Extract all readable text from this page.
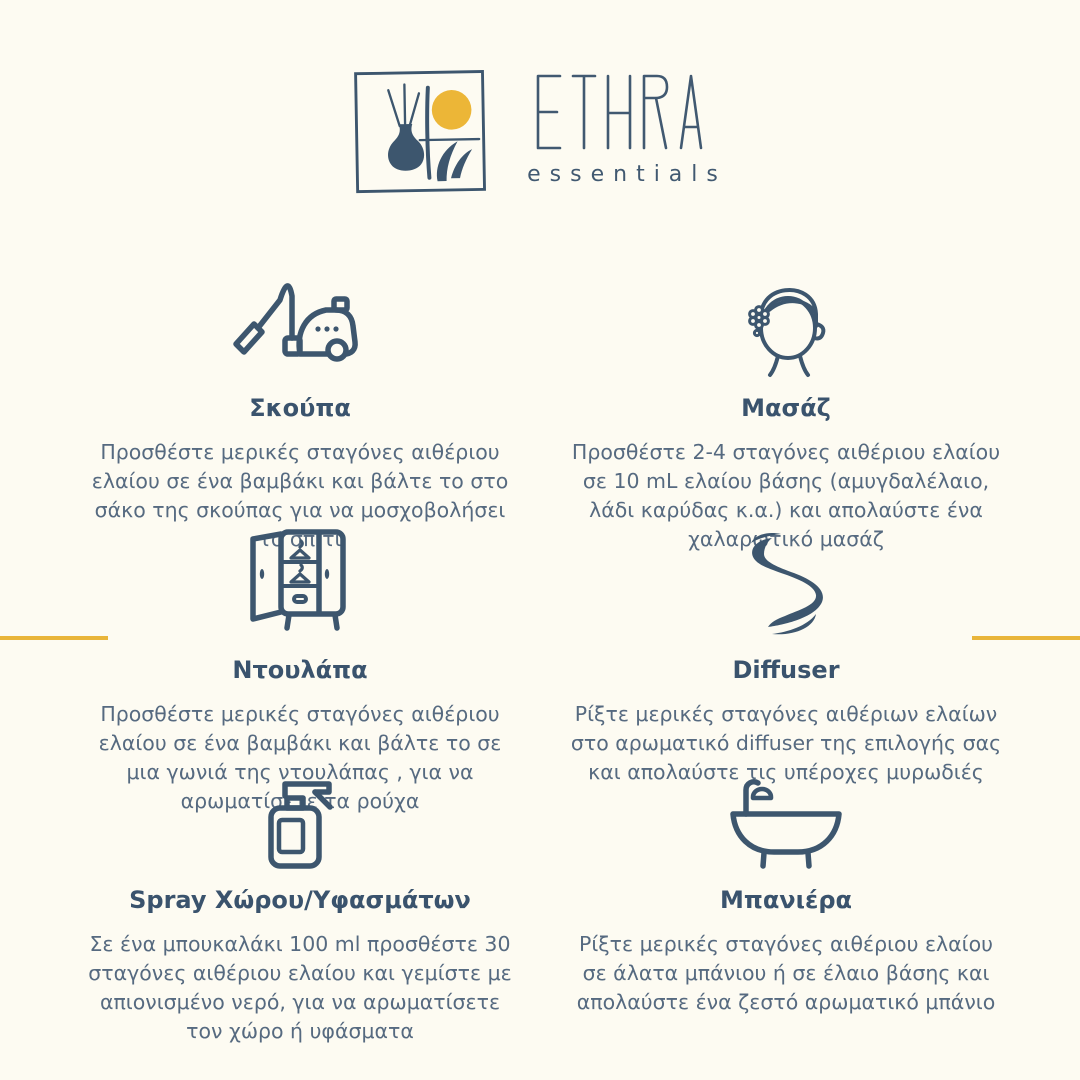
essentials
Σκούπα

Προσθέστε μερικές σταγόνες αιθέριου ελαίου σε ένα βαμβάκι και βάλτε το στο σάκο της σκούπας για να μοσχοβολήσει το σπίτι

Μασάζ

Προσθέστε 2-4 σταγόνες αιθέριου ελαίου σε 10 mL ελαίου βάσης (αμυγδαλέλαιο, λάδι καρύδας κ.α.) και απολαύστε ένα χαλαρωτικό μασάζ

Ντουλάπα

Προσθέστε μερικές σταγόνες αιθέριου ελαίου σε ένα βαμβάκι και βάλτε το σε μια γωνιά της ντουλάπας , για να αρωματίσετε τα ρούχα

Diffuser

Ρίξτε μερικές σταγόνες αιθέριων ελαίων στο αρωματικό diffuser της επιλογής σας και απολαύστε τις υπέροχες μυρωδιές

Spray Χώρου/Υφασμάτων

Σε ένα μπουκαλάκι 100 ml προσθέστε 30 σταγόνες αιθέριου ελαίου και γεμίστε με απιονισμένο νερό, για να αρωματίσετε τον χώρο ή υφάσματα

Μπανιέρα

Ρίξτε μερικές σταγόνες αιθέριου ελαίου σε άλατα μπάνιου ή σε έλαιο βάσης και απολαύστε ένα ζεστό αρωματικό μπάνιο
